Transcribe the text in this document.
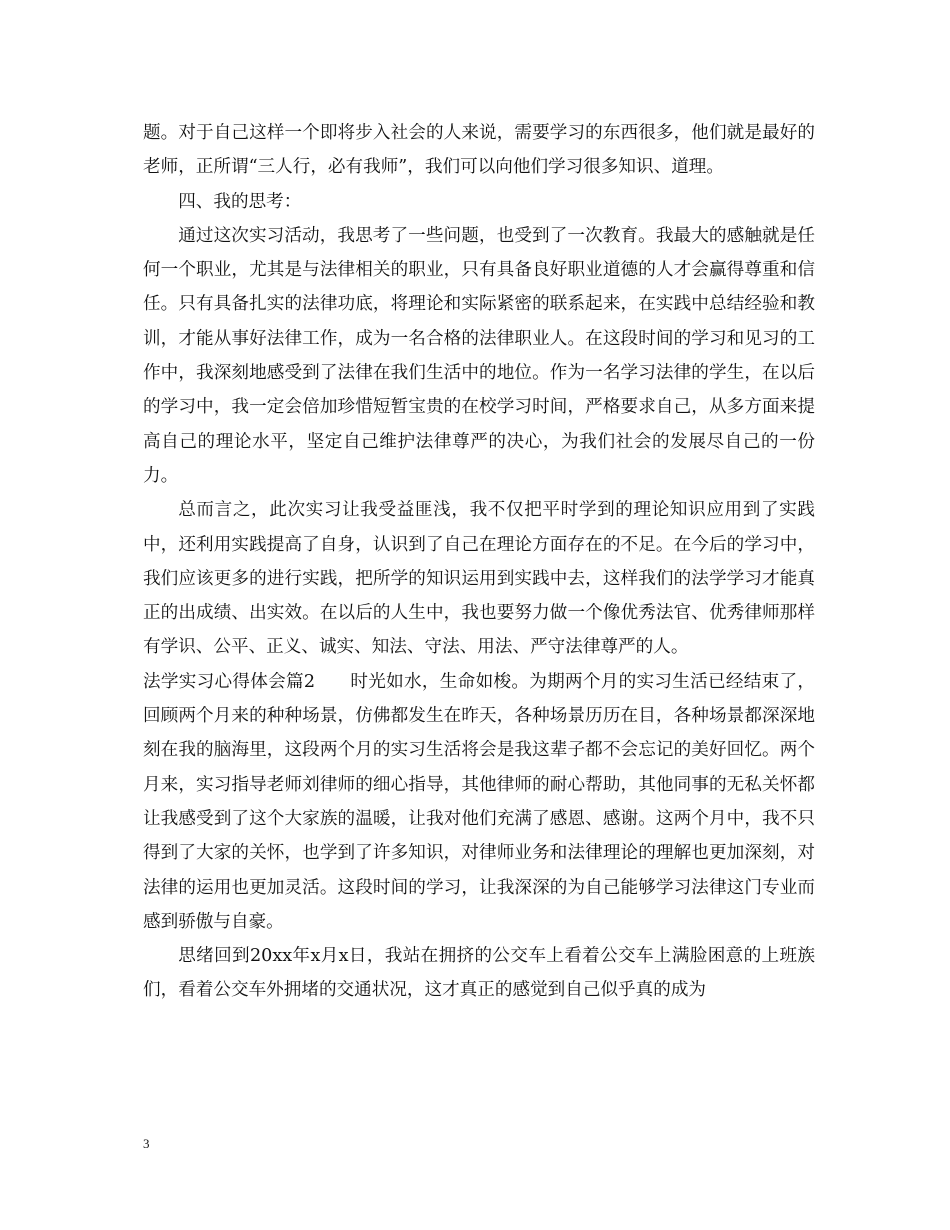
题。对于自己这样一个即将步入社会的人来说，需要学习的东西很多，他们就是最好的老师，正所谓“三人行，必有我师”，我们可以向他们学习很多知识、道理。

四、我的思考：

通过这次实习活动，我思考了一些问题，也受到了一次教育。我最大的感触就是任何一个职业，尤其是与法律相关的职业，只有具备良好职业道德的人才会赢得尊重和信任。只有具备扎实的法律功底，将理论和实际紧密的联系起来，在实践中总结经验和教训，才能从事好法律工作，成为一名合格的法律职业人。在这段时间的学习和见习的工作中，我深刻地感受到了法律在我们生活中的地位。作为一名学习法律的学生，在以后的学习中，我一定会倍加珍惜短暂宝贵的在校学习时间，严格要求自己，从多方面来提高自己的理论水平，坚定自己维护法律尊严的决心，为我们社会的发展尽自己的一份力。

总而言之，此次实习让我受益匪浅，我不仅把平时学到的理论知识应用到了实践中，还利用实践提高了自身，认识到了自己在理论方面存在的不足。在今后的学习中，我们应该更多的进行实践，把所学的知识运用到实践中去，这样我们的法学学习才能真正的出成绩、出实效。在以后的人生中，我也要努力做一个像优秀法官、优秀律师那样有学识、公平、正义、诚实、知法、守法、用法、严守法律尊严的人。

法学实习心得体会篇2 时光如水，生命如梭。为期两个月的实习生活已经结束了，回顾两个月来的种种场景，仿佛都发生在昨天，各种场景历历在目，各种场景都深深地刻在我的脑海里，这段两个月的实习生活将会是我这辈子都不会忘记的美好回忆。两个月来，实习指导老师刘律师的细心指导，其他律师的耐心帮助，其他同事的无私关怀都让我感受到了这个大家族的温暖，让我对他们充满了感恩、感谢。这两个月中，我不只得到了大家的关怀，也学到了许多知识，对律师业务和法律理论的理解也更加深刻，对法律的运用也更加灵活。这段时间的学习，让我深深的为自己能够学习法律这门专业而感到骄傲与自豪。

思绪回到20xx年x月x日，我站在拥挤的公交车上看着公交车上满脸困意的上班族们，看着公交车外拥堵的交通状况，这才真正的感觉到自己似乎真的成为

3
